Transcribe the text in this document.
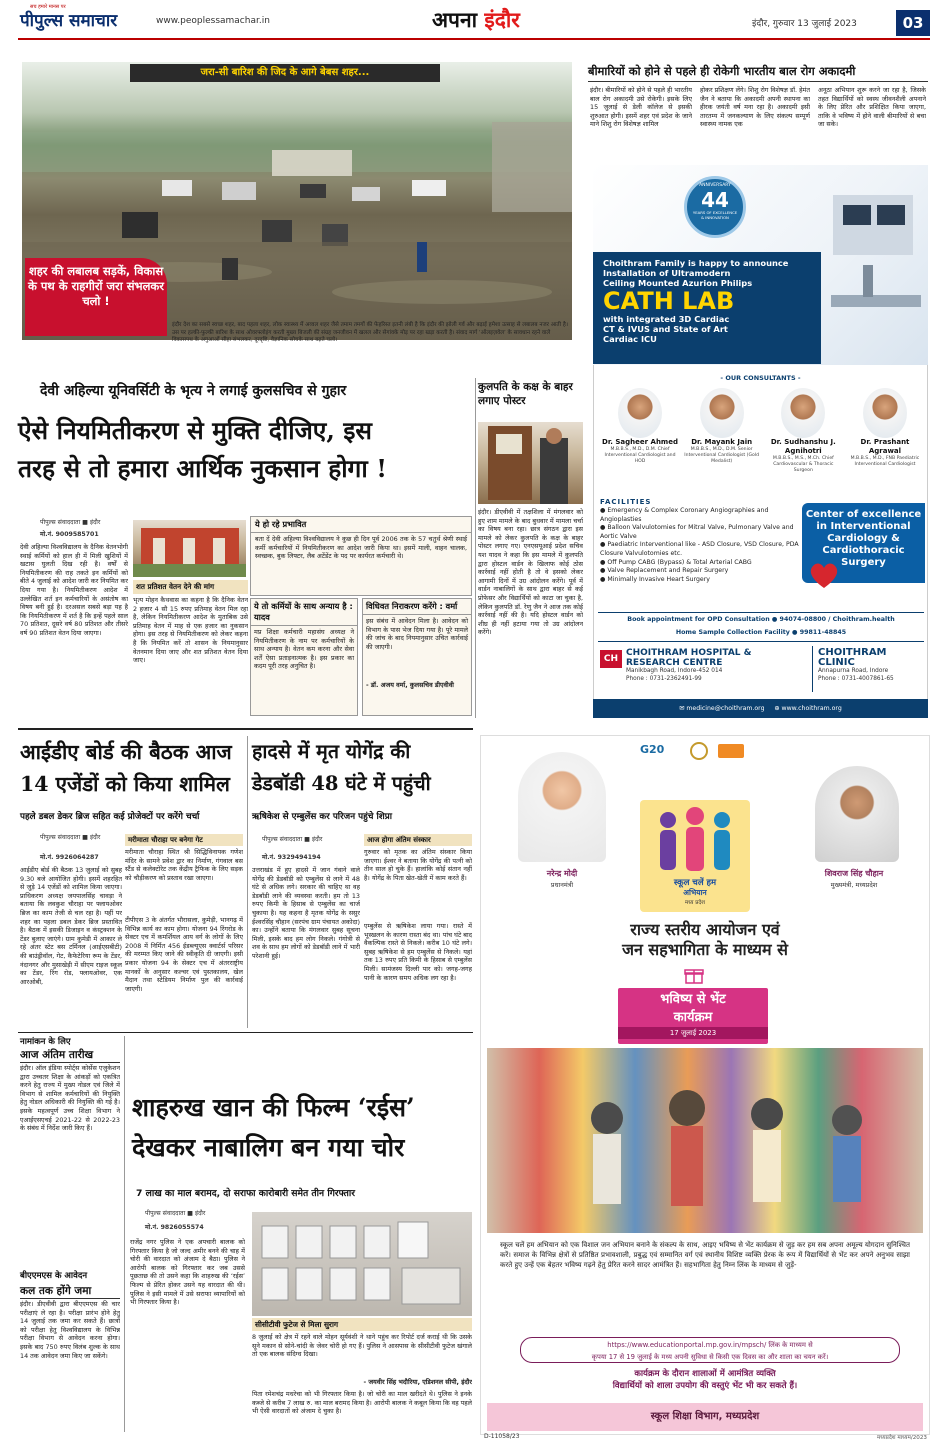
सच हमारे मानस पर
पीपुल्स समाचार	www.peoplessamachar.in	अपना इंदौर	इंदौर, गुरुवार 13 जुलाई 2023	03
जरा-सी बारिश की जिद के आगे बेबस शहर...
शहर की लबालब सड़कें, विकास के पथ के राहगीरों जरा संभलकर चलो !
इंदौर देश का सबसे स्वच्छ शहर, बाद पहला शहर, लोक स्वास्थ्य में अव्वल शहर जैसे तमाम तमगों की फेहरिस्त इतनी लंबी है कि इंदौर की झोली गर्व और बढ़ाई हमेशा उत्साह से लबालब नजर आती है। उस पर हल्की-फुल्की बारिश के साथ ओवरफ्लोइंग करती मुख्य बिजली की संग्रह जनजीवन में खलल और सेगांवके मोड़ पर रहा खड़ा करती है। संवाद मार्ग ‘ऑलइज़वेल’ के सावधान रहने वाले विकासपथ के अगुआओं सीहा संभलकर, दूरदृष्टि, वैज्ञानिक सोचके साथ बढ़ते चलो।
बीमारियों को होने से पहले ही रोकेगी भारतीय बाल रोग अकादमी
इंदौर। बीमारियों को होने से पहले ही भारतीय बाल रोग अकादमी उसे रोकेगी। इसके लिए 15 जुलाई से डेली कॉलेज से इसकी शुरुआत होगी। इसमें शहर एवं प्रदेश के जाने माने शिशु रोग विशेषज्ञ शामिल
होकर प्रशिक्षण लेंगे। शिशु रोग विशेषज्ञ डॉ. हेमंत जैन ने बताया कि अकादमी अपनी स्थापना का हीरक जयंती वर्ष मना रहा है। अकादमी इसी तारतम्य में जनकल्याण के लिए संकल्प सम्पूर्ण स्वास्थ्य नामक एक
अनूठा अभियान शुरू करने जा रहा है, जिसके तहत विद्यार्थियों को स्वस्थ जीवनशैली अपनाने के लिए प्रेरित और प्रशिक्षित किया जाएगा, ताकि वे भविष्य में होने वाली बीमारियों से बचा जा सके।
ANNIVERSARY
44
YEARS OF EXCELLENCE & INNOVATION
Choithram Family is happy to announce
Installation of Ultramodern
Ceiling Mounted Azurion Philips
CATH LAB
with integrated 3D Cardiac
CT & IVUS and State of Art
Cardiac ICU
- OUR CONSULTANTS -
Dr. Sagheer Ahmed
M.B.B.S., M.D., D.M. Chief Interventional Cardiologist and HOD
Dr. Mayank Jain
M.B.B.S., M.D., D.M. Senior Interventional Cardiologist (Gold Medalist)
Dr. Sudhanshu J. Agnihotri
M.B.B.S., M.S., M.Ch. Chief Cardiovascular & Thoracic Surgeon
Dr. Prashant Agrawal
M.B.B.S., M.D., FNB Paediatric Interventional Cardiologist
FACILITIES
● Emergency & Complex Coronary Angiographies and Angioplasties
● Balloon Valvulotomies for Mitral Valve, Pulmonary Valve and Aortic Valve
● Paediatric Interventional like - ASD Closure, VSD Closure, PDA Closure Valvulotomies etc.
● Off Pump CABG (Bypass) & Total Arterial CABG
● Valve Replacement and Repair Surgery
● Minimally Invasive Heart Surgery
Center of excellence in Interventional Cardiology & Cardiothoracic Surgery
Book appointment for OPD Consultation ● 94074-08800 / Choithram.health
Home Sample Collection Facility ● 99811-48845
CH
CHOITHRAM HOSPITAL & RESEARCH CENTRE
Manikbagh Road, Indore-452 014
Phone : 0731-2362491-99
CHOITHRAM CLINIC
Annapurna Road, Indore
Phone : 0731-4007861-65
✉ medicine@choithram.org     ⊕ www.choithram.org
देवी अहिल्या यूनिवर्सिटी के भृत्य ने लगाई कुलसचिव से गुहार
ऐसे नियमितीकरण से मुक्ति दीजिए, इस
तरह से तो हमारा आर्थिक नुकसान होगा !
पीपुल्स संवाददाता ■ इंदौर
मो.नं. 9009585701
देवी अहिल्या विश्वविद्यालय के दैनिक वेतनभोगी स्थाई कर्मियों को हाल ही में मिली खुशियों में खटास घुलती दिख रही है। वर्षों से नियमितीकरण की राह तकते इन कर्मियों को बीते 4 जुलाई को आदेश जारी कर नियमित कर दिया गया है। नियमितीकरण आदेश में उल्लेखित शर्त इन कर्मचारियों के असंतोष का विषय बनी हुई है। दरअसल सबसे बड़ा यह है कि नियमितीकरण में शर्त है कि इन्हें पहले साल 70 प्रतिशत, दूसरे वर्ष 80 प्रतिशत और तीसरे वर्ष 90 प्रतिशत वेतन दिया जाएगा।
शत प्रतिशत वेतन देने की मांग
भृत्य मोहन कैथवास का कहना है कि दैनिक वेतन 2 हजार 4 सौ 15 रुपए प्रतिमाह वेतन मिल रहा है, लेकिन नियमितीकरण आदेश के मुताबिक उसे प्रतिमाह वेतन में माह से एक हजार का नुकसान होगा। इस तरह से नियमितीकरण को लेकर कहना है कि नियमित करें तो शासन के नियमानुसार वेतनमान दिया जाए और शत प्रतिशत वेतन दिया जाए।
ये हो रहे प्रभावित
बता दें देवी अहिल्या विश्वविद्यालय ने कुछ ही दिन पूर्व 2006 तक के 57 चतुर्थ श्रेणी स्थाई कर्मी कर्मचारियों में नियमितीकरण का आदेश जारी किया था। इसमें माली, वाहन चालक, स्वच्छक, बुक लिफ्टर, लैब अटेंडेंट के पद पर कार्यरत कर्मचारी थे।
ये तो कर्मियों के साथ अन्याय है : यादव
मप्र शिक्षा कर्मचारी महासंघ अध्यक्ष ने नियमितीकरण के नाम पर कर्मचारियों के साथ अन्याय है। वेतन कम करना और सेवा शर्तें ऐसा प्रताड़नात्मक है। इस प्रकार का कदम पूरी तरह अनुचित है।
विधिवत निराकरण करेंगे : वर्मा
इस संबंध में आवेदन मिला है। आवेदन को विभाग के पास भेज दिया गया है। पूरे मामले की जांच के बाद नियमानुसार उचित कार्रवाई की जाएगी।
- डॉ. अजय वर्मा, कुलसचिव डीएवीवी
कुलपति के कक्ष के बाहर लगाए पोस्टर
इंदौर। डीएवीवी में तक्षशिला में मंगलवार को हुए शाम मामले के बाद बुधवार में मामला चर्चा का विषय बना रहा। छात्र संगठन द्वारा इस मामले को लेकर कुलपति के कक्ष के बाहर पोस्टर लगाए गए। एनएसयूआई प्रदेश सचिव यश यादव ने कहा कि इस मामले में कुलपति द्वारा होस्टल वार्डन के खिलाफ कोई ठोस कार्रवाई नहीं होती है तो वे इसको लेकर आगामी दिनों में उग्र आंदोलन करेंगे। पूर्व में वार्डन नाबालिगों के साथ द्वारा बाहर से कई प्रोफेसर और विद्यार्थियों को काटा जा चुका है, लेकिन कुलपति डॉ. रेणु जैन ने आज तक कोई कार्रवाई नहीं की है। यदि होस्टल वार्डन को शीघ्र ही नहीं हटाया गया तो उग्र आंदोलन करेंगे।
आईडीए बोर्ड की बैठक आज
14 एजेंडों को किया शामिल
पहले डबल डेकर ब्रिज सहित कई प्रोजेक्टों पर करेंगे चर्चा
पीपुल्स संवाददाता ■ इंदौर
मो.नं. 9926064287
आईडीए बोर्ड की बैठक 13 जुलाई को सुबह 9.30 बजे आयोजित होगी। इसमें शहरहित से जुड़े 14 एजेंडों को शामिल किया जाएगा। प्राधिकरण अध्यक्ष जयपालसिंह चावड़ा ने बताया कि लवकुश चौराहा पर फ्लायओवर ब्रिज का काम तेजी से चल रहा है। यहीं पर शहर का पहला डबल डेकर ब्रिज प्रस्तावित है। बैठक में इसकी डिजाइन व कंस्ट्रक्शन के टेंडर बुलाए जाएंगे। ग्राम कुमेडी में आकार ले रहे अंतर स्टेट बस टर्मिनल (आईएसबीटी) की बाउंड्रीवॉल, गेट, कैफेटेरिया रूम के टेंडर, नंदानगर और मुसाखेड़ी में सीएम राइज स्कूल का टेंडर, रिंग रोड, फ्लायओवर, एक आरओबी,
मरीमाता चौराहा पर बनेगा गेट
मरीमाता चौराहा स्थित श्री सिद्धिविनायक गणेश मंदिर के सामने प्रवेश द्वार का निर्माण, गंगवाल बस स्टैंड से कलेक्टोरेट तक केंद्रीय ट्रैफिक के लिए सड़क को चौड़ीकरण को प्रस्ताव रखा जाएगा।
टीपीएस 3 के अंतर्गत भौरासला, कुमेड़ी, भानगढ़ में विभिन्न कार्य का काम होगा। योजना 94 रिंगरोड के सेक्टर एच में कमर्शियल आय वर्ग के लोगों के लिए 2008 में निर्मित 456 ईडब्ल्यूएस क्वार्टर्स परिसर की मरम्मत किए जाने की स्वीकृति दी जाएगी। इसी प्रकार योजना 94 के सेक्टर एच में अंतरराष्ट्रीय मानकों के अनुसार कल्चर एवं पुस्तकालय, खेल मैदान तथा स्टेडियम निर्माण पुल की कार्रवाई जाएगी।
हादसे में मृत योगेंद्र की
डेडबॉडी 48 घंटे में पहुंची
ऋषिकेश से एम्बुलेंस कर परिजन पहुंचे शिप्रा
पीपुल्स संवाददाता ■ इंदौर
मो.नं. 9329494194
उत्तराखंड में हुए हादसे में जान गंवाने वाले योगेंद्र की डेडबॉडी को एम्बुलेंस से लाने में 48 घंटे से अधिक लगे। सरकार की चाहिए था वह डेडबॉडी लाने की व्यवस्था करती। हम तो 13 रुपए किमी के हिसाब से एम्बुलेंस का चार्ज चुकाया है। यह कहना है मृतक योगेंद्र के ससुर ईश्वरसिंह चौहान (सरपंच ग्राम पंचायत अकोदा) का। उन्होंने बताया कि मंगलवार सुबह सूचना मिली, इसके बाद हम लोग निकले। गंगोत्री से शव के साथ हम लोगों को डेडबॉडी लाने में भारी परेशानी हुई।
आज होगा अंतिम संस्कार
गुरुवार को मृतक का अंतिम संस्कार किया जाएगा। ईश्वर ने बताया कि योगेंद्र की पत्नी को तीन साल हो चुके हैं। हालांकि कोई संतान नहीं है। योगेंद्र के पिता खेत-खेती में काम करते हैं।
एम्बुलेंस से ऋषिकेश लाया गया। रास्ते में भूस्खलन के कारण रास्ता बंद था। पांच घंटे बाद वैकल्पिक रास्ते से निकले। करीब 10 घंटे लगे। सुबह ऋषिकेश से हम एम्बुलेंस से निकले। यहां तक 13 रुपए प्रति किमी के हिसाब से एम्बुलेंस मिली। सामंजस्य दिल्ली पार को। जगह-जगह पानी के कारण समय अधिक लग रहा है।
नामांकन के लिए
आज अंतिम तारीख
इंदौर। ऑल इंडिया स्पोर्ट्स कोर्सेस एजुकेशन द्वारा उच्चतर शिक्षा के आंकड़ों को एकत्रित करने हेतु राज्य में मुख्य नोडल एवं जिले में विभाग से शामिल कर्मचारियों की नियुक्ति हेतु नोडल अधिकारी की नियुक्ति की गई है। इसके महत्वपूर्ण उच्च शिक्षा विभाग ने एआईएसएचई 2021-22 से 2022-23 के संबंध में निर्देश जारी किए हैं।
बीएएमएस के आवेदन
कल तक होंगे जमा
इंदौर। डीएवीवी द्वारा बीएएमएस की चार परीक्षाएं ले रहा है। परीक्षा प्रारंभ होने हेतु 14 जुलाई तक जमा कर सकते हैं। छात्रों को परीक्षा हेतु विश्वविद्यालय के विभिन्न परीक्षा विभाग से आवेदन करना होगा। इसके बाद 750 रुपए विलंब शुल्क के साथ 14 तक आवेदन जमा किए जा सकेंगे।
शाहरुख खान की फिल्म ‘रईस’
देखकर नाबालिग बन गया चोर
7 लाख का माल बरामद, दो सराफा कारोबारी समेत तीन गिरफ्तार
पीपुल्स संवाददाता ■ इंदौर
मो.नं. 9826055574
राजेंद्र नगर पुलिस ने एक अपचारी बालक को गिरफ्तार किया है जो जल्द अमीर बनने की चाह में चोरी की वारदात को अंजाम दे बैठा। पुलिस ने आरोपी बालक को गिरफ्तार कर जब उससे पूछताछ की तो उसने कहा कि शाहरुख की ‘रईस’ फिल्म से प्रेरित होकर उसने यह वारदात की थी। पुलिस ने इसी मामले में उसे सराफा व्यापारियों को भी गिरफ्तार किया है।
सीसीटीवी फुटेज से मिला सुराग
8 जुलाई को क्षेत्र में रहने वाले मोहन सूर्यवंशी ने थाने पहुंच कर रिपोर्ट दर्ज कराई थी कि उसके सूने मकान से सोने-चांदी के जेवर चोरी हो गए हैं। पुलिस ने आसपास के सीसीटीवी फुटेज खंगाले तो एक बालक संदिग्ध दिखा।
- जयवीर सिंह भदौरिया, एडिशनल सीपी, इंदौर
पिता रमेशचंद्र मधरेचा को भी गिरफ्तार किया है। जो चोरी का माल खरीदते थे। पुलिस ने इनके कब्जे से करीब 7 लाख रु. का माल बरामद किया है। आरोपी बालक ने कबूल किया कि वह पहले भी ऐसी वारदातों को अंजाम दे चुका है।
G20
नरेन्द्र मोदी
प्रधानमंत्री
शिवराज सिंह चौहान
मुख्यमंत्री, मध्यप्रदेश
स्कूल चलें हम
अभियान
मध्य प्रदेश
राज्य स्तरीय आयोजन एवं
जन सहभागिता के माध्यम से
भविष्य से भेंट
कार्यक्रम
17 जुलाई 2023
स्कूल चलें हम अभियान को एक विशाल जन अभियान बनाने के संकल्प के साथ, आइए भविष्य से भेंट कार्यक्रम से जुड़ कर हम सब अपना अमूल्य योगदान सुनिश्चित करें। समाज के विभिन्न क्षेत्रों से प्रतिष्ठित प्रभावशाली, प्रबुद्ध एवं सम्मानित वर्ग एवं स्थानीय विशिष्ट व्यक्ति प्रेरक के रूप में विद्यार्थियों से भेंट कर अपने अनुभव साझा करते हुए उन्हें एक बेहतर भविष्य गढ़ने हेतु प्रेरित करने सादर आमंत्रित हैं। सहभागिता हेतु निम्न लिंक के माध्यम से जुड़ें-
https://www.educationportal.mp.gov.in/mpsch/ लिंक के माध्यम से
कृपया 17 से 19 जुलाई के मध्य अपनी सुविधा से किसी एक दिवस का और शाला का चयन करें।
कार्यक्रम के दौरान शालाओं में आमंत्रित व्यक्ति
विद्यार्थियों को शाला उपयोग की वस्तुएं भेंट भी कर सकते हैं।
स्कूल शिक्षा विभाग, मध्यप्रदेश
D-11058/23	मध्यप्रदेश माध्यम/2023
